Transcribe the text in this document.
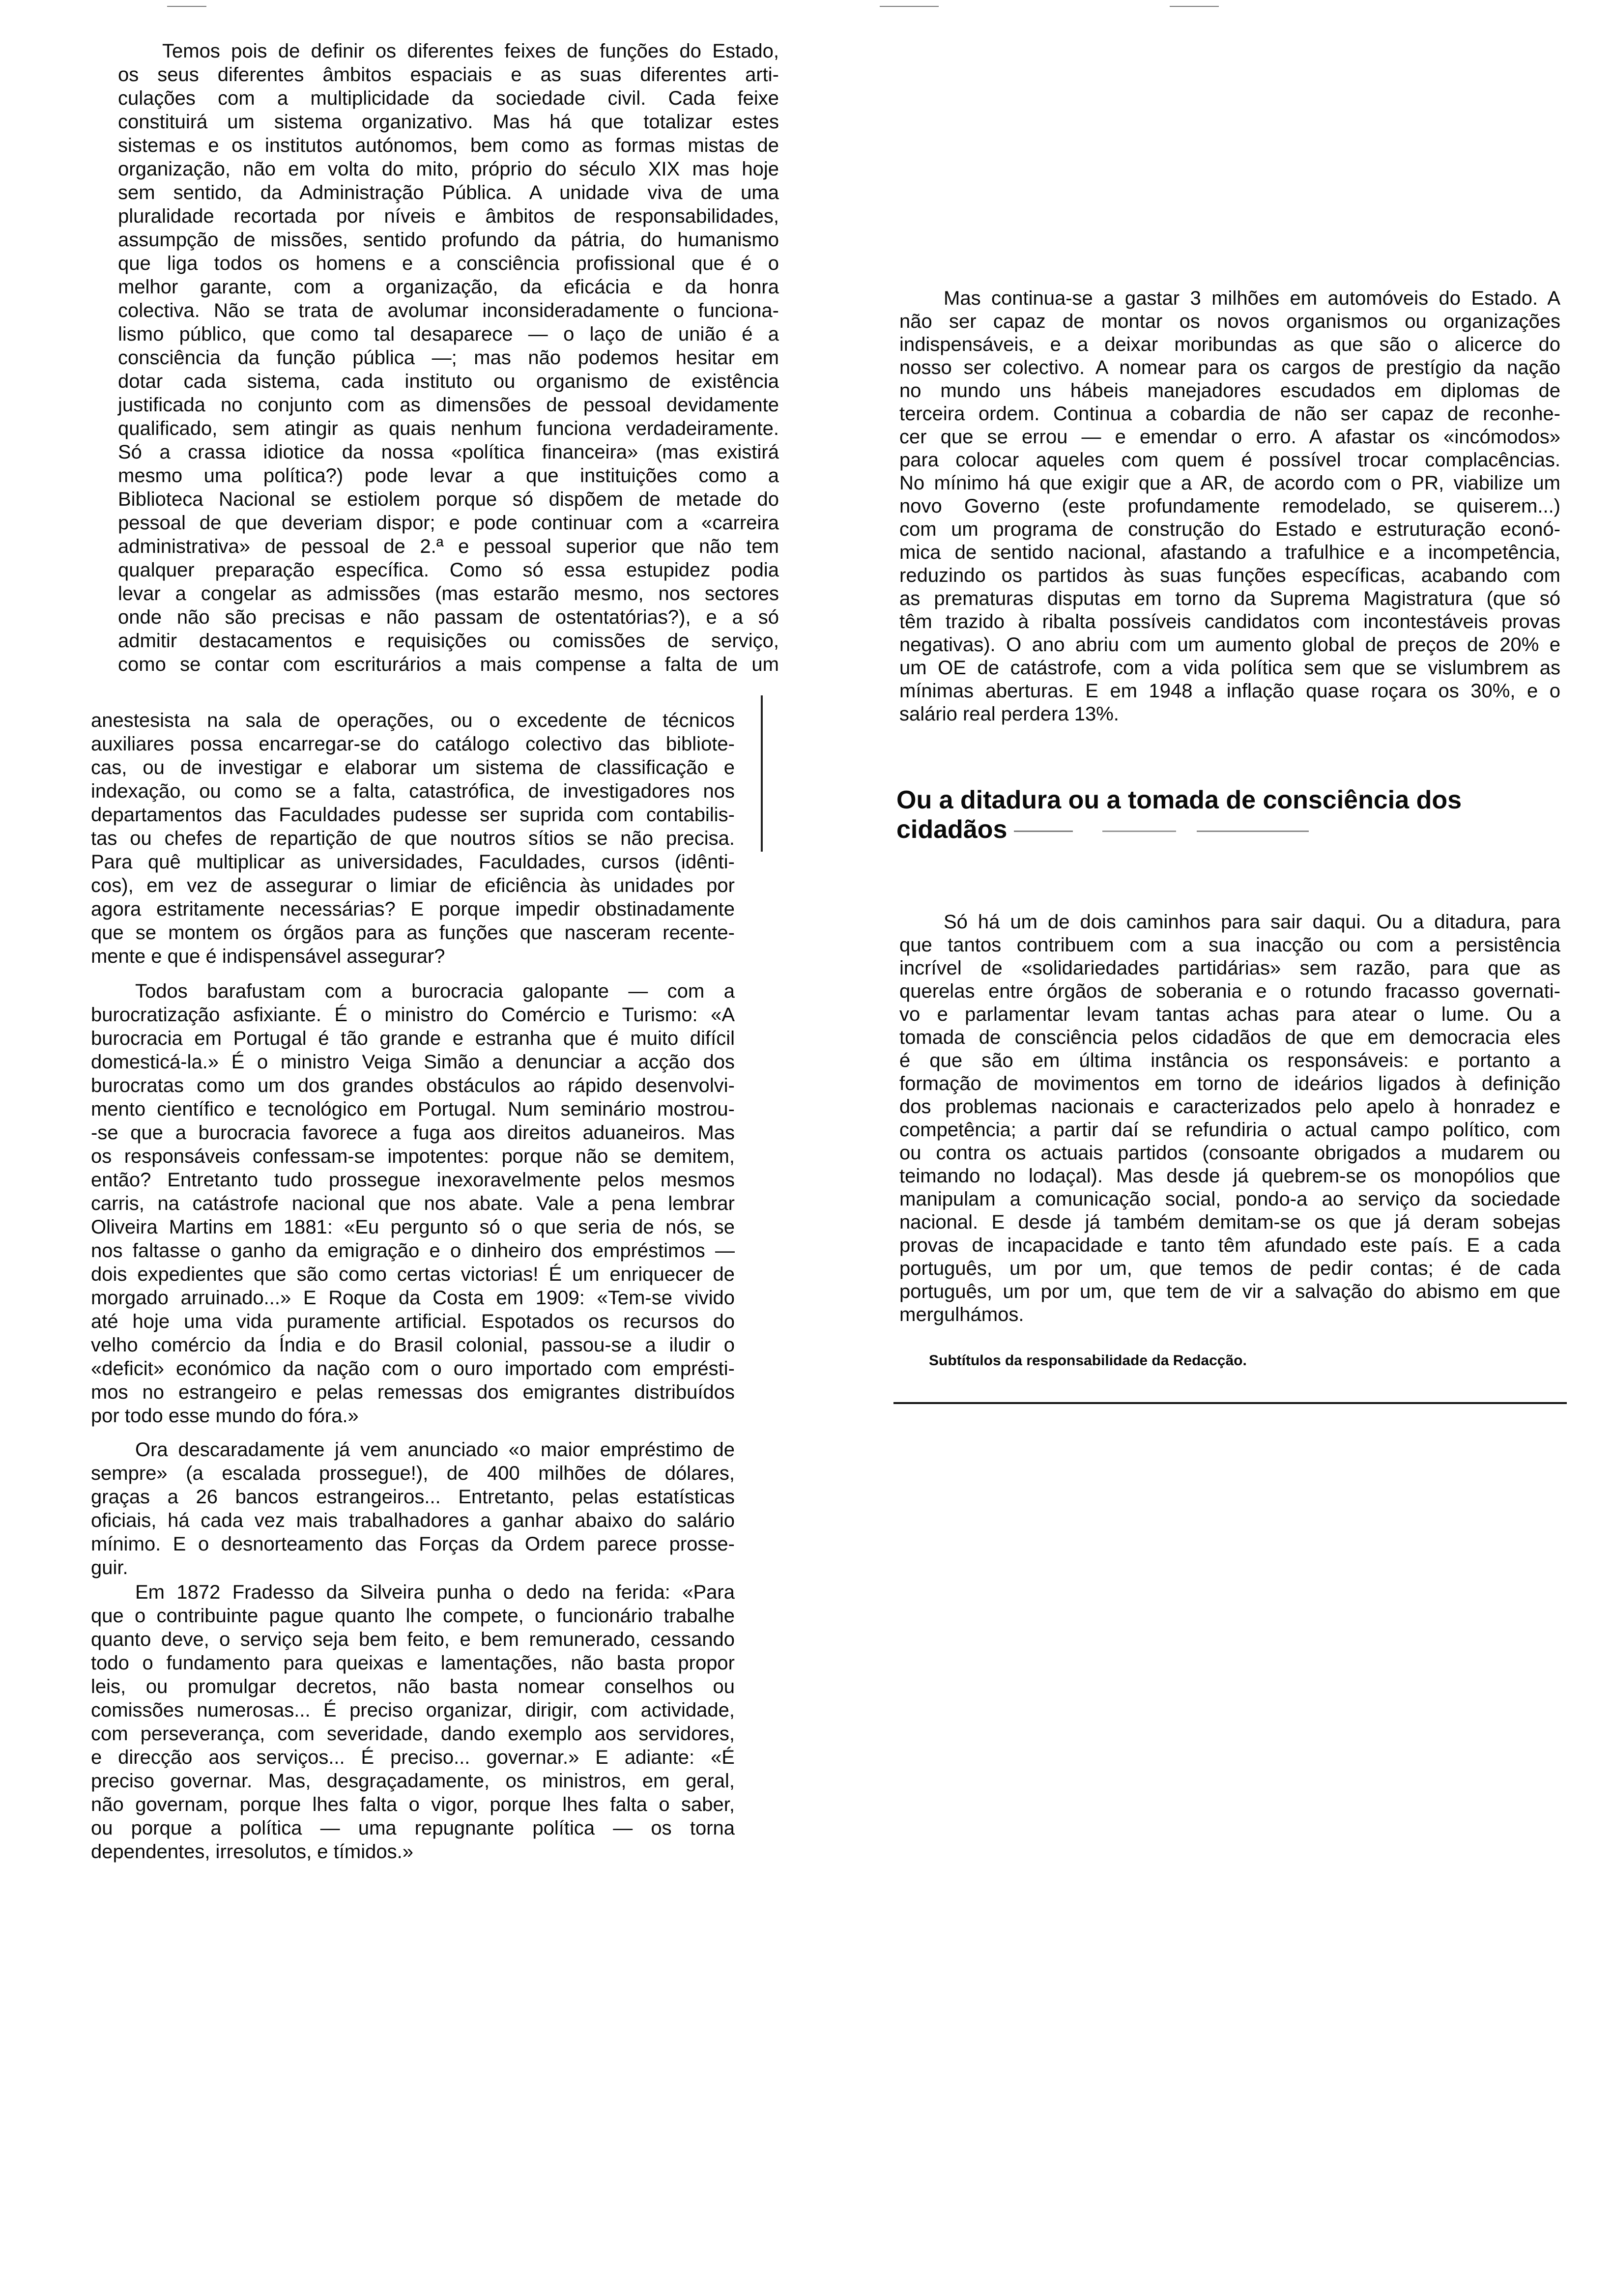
Temos pois de definir os diferentes feixes de funções do Estado,
os seus diferentes âmbitos espaciais e as suas diferentes arti-
culações com a multiplicidade da sociedade civil. Cada feixe
constituirá um sistema organizativo. Mas há que totalizar estes
sistemas e os institutos autónomos, bem como as formas mistas de
organização, não em volta do mito, próprio do século XIX mas hoje
sem sentido, da Administração Pública. A unidade viva de uma
pluralidade recortada por níveis e âmbitos de responsabilidades,
assumpção de missões, sentido profundo da pátria, do humanismo
que liga todos os homens e a consciência profissional que é o
melhor garante, com a organização, da eficácia e da honra
colectiva. Não se trata de avolumar inconsideradamente o funciona-
lismo público, que como tal desaparece — o laço de união é a
consciência da função pública —; mas não podemos hesitar em
dotar cada sistema, cada instituto ou organismo de existência
justificada no conjunto com as dimensões de pessoal devidamente
qualificado, sem atingir as quais nenhum funciona verdadeiramente.
Só a crassa idiotice da nossa «política financeira» (mas existirá
mesmo uma política?) pode levar a que instituições como a
Biblioteca Nacional se estiolem porque só dispõem de metade do
pessoal de que deveriam dispor; e pode continuar com a «carreira
administrativa» de pessoal de 2.ª e pessoal superior que não tem
qualquer preparação específica. Como só essa estupidez podia
levar a congelar as admissões (mas estarão mesmo, nos sectores
onde não são precisas e não passam de ostentatórias?), e a só
admitir destacamentos e requisições ou comissões de serviço,
como se contar com escriturários a mais compense a falta de um
anestesista na sala de operações, ou o excedente de técnicos
auxiliares possa encarregar-se do catálogo colectivo das bibliote-
cas, ou de investigar e elaborar um sistema de classificação e
indexação, ou como se a falta, catastrófica, de investigadores nos
departamentos das Faculdades pudesse ser suprida com contabilis-
tas ou chefes de repartição de que noutros sítios se não precisa.
Para quê multiplicar as universidades, Faculdades, cursos (idênti-
cos), em vez de assegurar o limiar de eficiência às unidades por
agora estritamente necessárias? E porque impedir obstinadamente
que se montem os órgãos para as funções que nasceram recente-
mente e que é indispensável assegurar?
Todos barafustam com a burocracia galopante — com a
burocratização asfixiante. É o ministro do Comércio e Turismo: «A
burocracia em Portugal é tão grande e estranha que é muito difícil
domesticá-la.» É o ministro Veiga Simão a denunciar a acção dos
burocratas como um dos grandes obstáculos ao rápido desenvolvi-
mento científico e tecnológico em Portugal. Num seminário mostrou-
-se que a burocracia favorece a fuga aos direitos aduaneiros. Mas
os responsáveis confessam-se impotentes: porque não se demitem,
então? Entretanto tudo prossegue inexoravelmente pelos mesmos
carris, na catástrofe nacional que nos abate. Vale a pena lembrar
Oliveira Martins em 1881: «Eu pergunto só o que seria de nós, se
nos faltasse o ganho da emigração e o dinheiro dos empréstimos —
dois expedientes que são como certas victorias! É um enriquecer de
morgado arruinado...» E Roque da Costa em 1909: «Tem-se vivido
até hoje uma vida puramente artificial. Espotados os recursos do
velho comércio da Índia e do Brasil colonial, passou-se a iludir o
«deficit» económico da nação com o ouro importado com emprésti-
mos no estrangeiro e pelas remessas dos emigrantes distribuídos
por todo esse mundo do fóra.»
Ora descaradamente já vem anunciado «o maior empréstimo de
sempre» (a escalada prossegue!), de 400 milhões de dólares,
graças a 26 bancos estrangeiros... Entretanto, pelas estatísticas
oficiais, há cada vez mais trabalhadores a ganhar abaixo do salário
mínimo. E o desnorteamento das Forças da Ordem parece prosse-
guir.
Em 1872 Fradesso da Silveira punha o dedo na ferida: «Para
que o contribuinte pague quanto lhe compete, o funcionário trabalhe
quanto deve, o serviço seja bem feito, e bem remunerado, cessando
todo o fundamento para queixas e lamentações, não basta propor
leis, ou promulgar decretos, não basta nomear conselhos ou
comissões numerosas... É preciso organizar, dirigir, com actividade,
com perseverança, com severidade, dando exemplo aos servidores,
e direcção aos serviços... É preciso... governar.» E adiante: «É
preciso governar. Mas, desgraçadamente, os ministros, em geral,
não governam, porque lhes falta o vigor, porque lhes falta o saber,
ou porque a política — uma repugnante política — os torna
dependentes, irresolutos, e tímidos.»
Mas continua-se a gastar 3 milhões em automóveis do Estado. A
não ser capaz de montar os novos organismos ou organizações
indispensáveis, e a deixar moribundas as que são o alicerce do
nosso ser colectivo. A nomear para os cargos de prestígio da nação
no mundo uns hábeis manejadores escudados em diplomas de
terceira ordem. Continua a cobardia de não ser capaz de reconhe-
cer que se errou — e emendar o erro. A afastar os «incómodos»
para colocar aqueles com quem é possível trocar complacências.
No mínimo há que exigir que a AR, de acordo com o PR, viabilize um
novo Governo (este profundamente remodelado, se quiserem...)
com um programa de construção do Estado e estruturação econó-
mica de sentido nacional, afastando a trafulhice e a incompetência,
reduzindo os partidos às suas funções específicas, acabando com
as prematuras disputas em torno da Suprema Magistratura (que só
têm trazido à ribalta possíveis candidatos com incontestáveis provas
negativas). O ano abriu com um aumento global de preços de 20% e
um OE de catástrofe, com a vida política sem que se vislumbrem as
mínimas aberturas. E em 1948 a inflação quase roçara os 30%, e o
salário real perdera 13%.
Ou a ditadura ou a tomada de consciência dos
cidadãos
Só há um de dois caminhos para sair daqui. Ou a ditadura, para
que tantos contribuem com a sua inacção ou com a persistência
incrível de «solidariedades partidárias» sem razão, para que as
querelas entre órgãos de soberania e o rotundo fracasso governati-
vo e parlamentar levam tantas achas para atear o lume. Ou a
tomada de consciência pelos cidadãos de que em democracia eles
é que são em última instância os responsáveis: e portanto a
formação de movimentos em torno de ideários ligados à definição
dos problemas nacionais e caracterizados pelo apelo à honradez e
competência; a partir daí se refundiria o actual campo político, com
ou contra os actuais partidos (consoante obrigados a mudarem ou
teimando no lodaçal). Mas desde já quebrem-se os monopólios que
manipulam a comunicação social, pondo-a ao serviço da sociedade
nacional. E desde já também demitam-se os que já deram sobejas
provas de incapacidade e tanto têm afundado este país. E a cada
português, um por um, que temos de pedir contas; é de cada
português, um por um, que tem de vir a salvação do abismo em que
mergulhámos.
Subtítulos da responsabilidade da Redacção.
